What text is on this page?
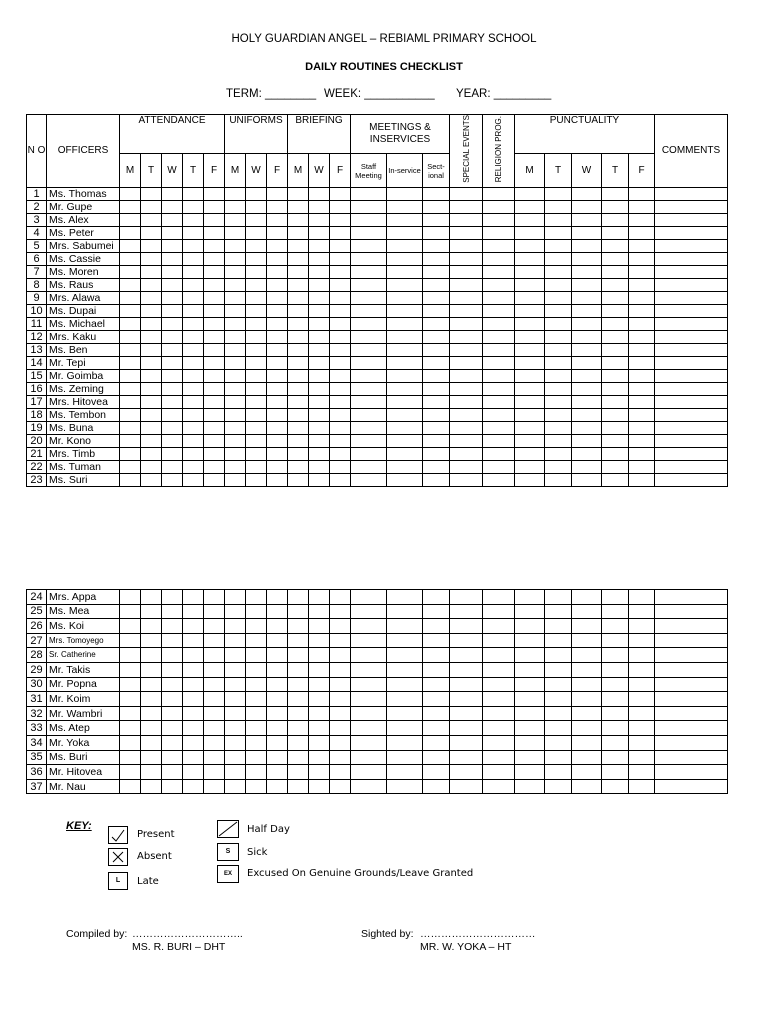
HOLY GUARDIAN ANGEL – REBIAML PRIMARY SCHOOL
DAILY ROUTINES CHECKLIST
TERM: ________ WEEK: ___________ YEAR: _________
N O	OFFICERS	ATTENDANCE					UNIFORMS			BRIEFING			MEETINGS & INSERVICES			SPECIAL EVENTS	RELIGION PROG.	PUNCTUALITY					COMMENTS
		M	T	W	T	F	M	W	F	M	W	F	Staff Meeting	In-service	Sect-ional			M	T	W	T	F	
1	Ms. Thomas																						
2	Mr. Gupe																						
3	Ms. Alex																						
4	Ms. Peter																						
5	Mrs. Sabumei																						
6	Ms. Cassie																						
7	Ms. Moren																						
8	Ms. Raus																						
9	Mrs. Alawa																						
10	Ms. Dupai																						
11	Ms. Michael																						
12	Mrs. Kaku																						
13	Ms. Ben																						
14	Mr. Tepi																						
15	Mr. Goimba																						
16	Ms. Zeming																						
17	Mrs. Hitovea																						
18	Ms. Tembon																						
19	Ms. Buna																						
20	Mr. Kono																						
21	Mrs. Timb																						
22	Ms. Tuman																						
23	Ms. Suri																						
24	Mrs. Appa																						
25	Ms. Mea																						
26	Ms. Koi																						
27	Mrs. Tomoyego																						
28	Sr. Catherine																						
29	Mr. Takis																						
30	Mr. Popna																						
31	Mr. Koim																						
32	Mr. Wambri																						
33	Ms. Atep																						
34	Mr. Yoka																						
35	Ms. Buri																						
36	Mr. Hitovea																						
37	Mr. Nau																						
KEY:
Present
Absent
L	Late
Half Day
S	Sick
EX	Excused On Genuine Grounds/Leave Granted
Compiled by: …………………………..
MS. R. BURI – DHT
Sighted by: ……………………………
MR. W. YOKA – HT
